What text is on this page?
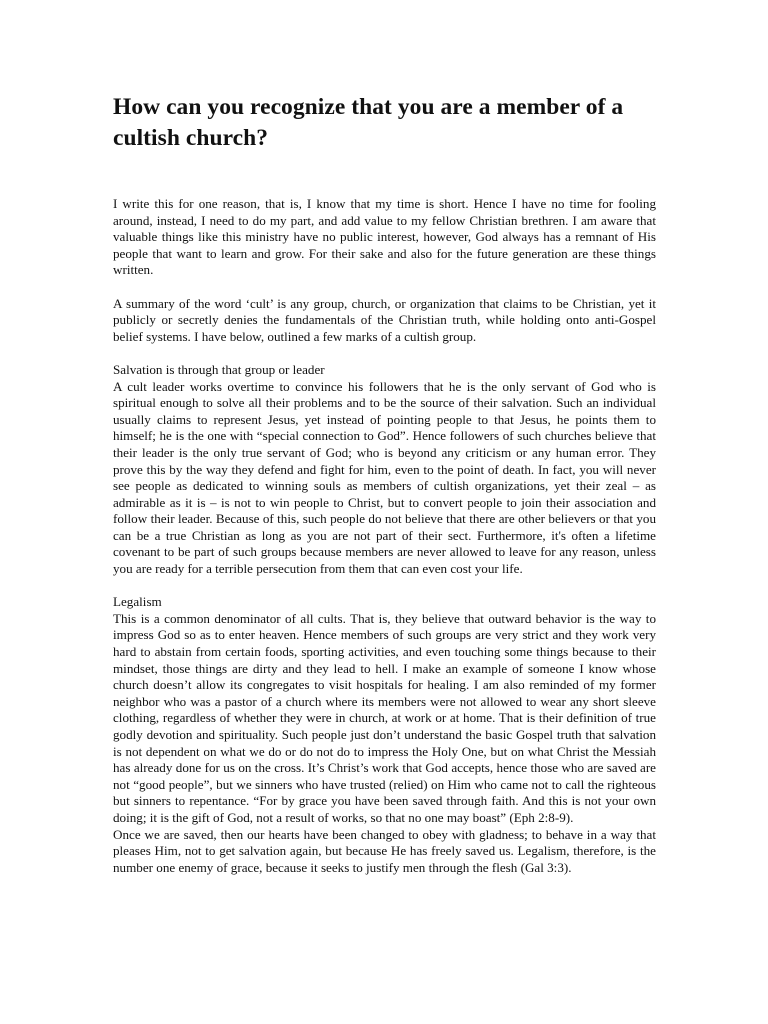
How can you recognize that you are a member of a cultish church?

I write this for one reason, that is, I know that my time is short. Hence I have no time for fooling around, instead, I need to do my part, and add value to my fellow Christian brethren. I am aware that valuable things like this ministry have no public interest, however, God always has a remnant of His people that want to learn and grow. For their sake and also for the future generation are these things written.

A summary of the word ‘cult’ is any group, church, or organization that claims to be Christian, yet it publicly or secretly denies the fundamentals of the Christian truth, while holding onto anti-Gospel belief systems. I have below, outlined a few marks of a cultish group.

Salvation is through that group or leader

A cult leader works overtime to convince his followers that he is the only servant of God who is spiritual enough to solve all their problems and to be the source of their salvation. Such an individual usually claims to represent Jesus, yet instead of pointing people to that Jesus, he points them to himself; he is the one with “special connection to God”. Hence followers of such churches believe that their leader is the only true servant of God; who is beyond any criticism or any human error. They prove this by the way they defend and fight for him, even to the point of death. In fact, you will never see people as dedicated to winning souls as members of cultish organizations, yet their zeal – as admirable as it is – is not to win people to Christ, but to convert people to join their association and follow their leader. Because of this, such people do not believe that there are other believers or that you can be a true Christian as long as you are not part of their sect. Furthermore, it's often a lifetime covenant to be part of such groups because members are never allowed to leave for any reason, unless you are ready for a terrible persecution from them that can even cost your life.

Legalism

This is a common denominator of all cults. That is, they believe that outward behavior is the way to impress God so as to enter heaven. Hence members of such groups are very strict and they work very hard to abstain from certain foods, sporting activities, and even touching some things because to their mindset, those things are dirty and they lead to hell. I make an example of someone I know whose church doesn’t allow its congregates to visit hospitals for healing. I am also reminded of my former neighbor who was a pastor of a church where its members were not allowed to wear any short sleeve clothing, regardless of whether they were in church, at work or at home. That is their definition of true godly devotion and spirituality. Such people just don’t understand the basic Gospel truth that salvation is not dependent on what we do or do not do to impress the Holy One, but on what Christ the Messiah has already done for us on the cross. It’s Christ’s work that God accepts, hence those who are saved are not “good people”, but we sinners who have trusted (relied) on Him who came not to call the righteous but sinners to repentance. “For by grace you have been saved through faith. And this is not your own doing; it is the gift of God, not a result of works, so that no one may boast” (Eph 2:8-9).

Once we are saved, then our hearts have been changed to obey with gladness; to behave in a way that pleases Him, not to get salvation again, but because He has freely saved us. Legalism, therefore, is the number one enemy of grace, because it seeks to justify men through the flesh (Gal 3:3).
